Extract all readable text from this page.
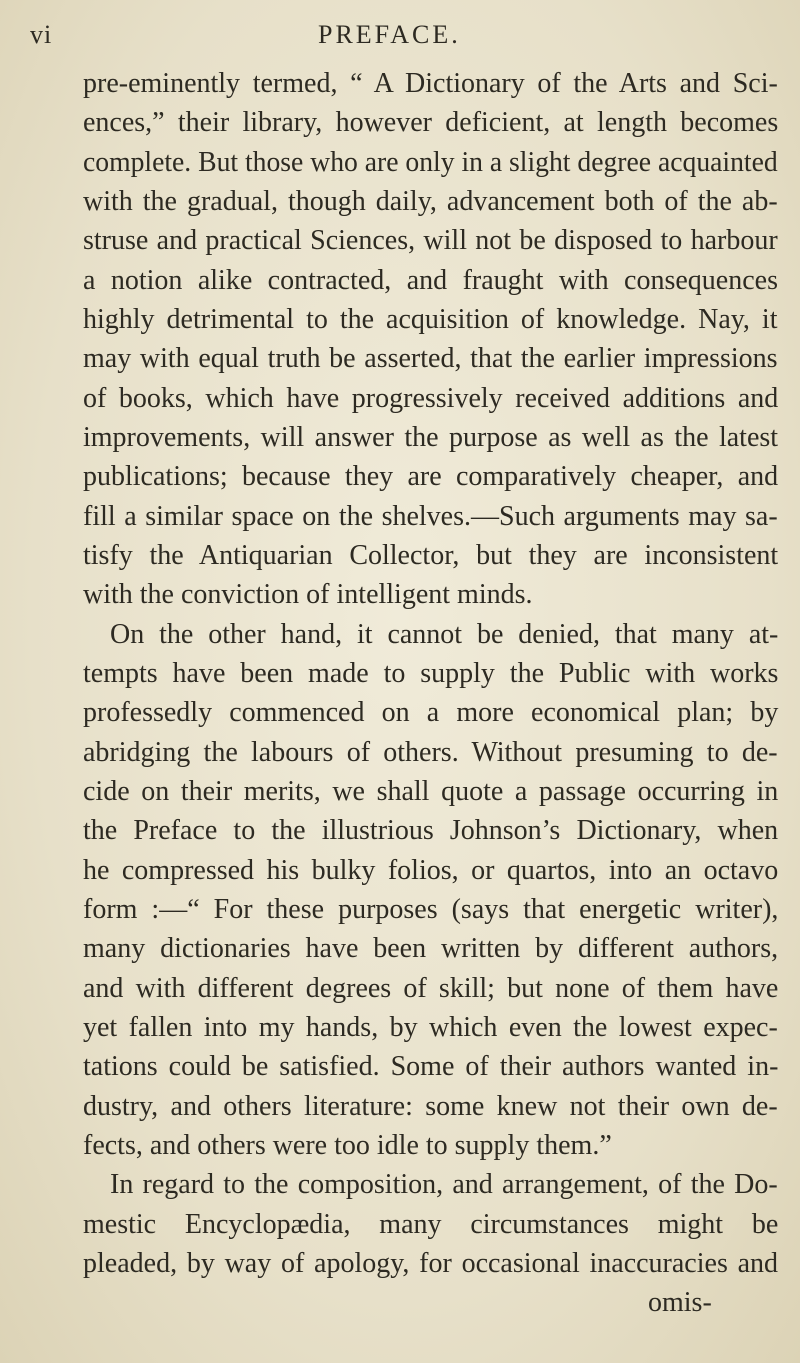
vi	PREFACE.
pre-eminently termed, “ A Dictionary of the Arts and Sci-
ences,” their library, however deficient, at length becomes
complete. But those who are only in a slight degree acquainted
with the gradual, though daily, advancement both of the ab-
struse and practical Sciences, will not be disposed to harbour
a notion alike contracted, and fraught with consequences
highly detrimental to the acquisition of knowledge. Nay, it
may with equal truth be asserted, that the earlier impressions
of books, which have progressively received additions and
improvements, will answer the purpose as well as the latest
publications; because they are comparatively cheaper, and
fill a similar space on the shelves.—Such arguments may sa-
tisfy the Antiquarian Collector, but they are inconsistent
with the conviction of intelligent minds.
On the other hand, it cannot be denied, that many at-
tempts have been made to supply the Public with works
professedly commenced on a more economical plan; by
abridging the labours of others. Without presuming to de-
cide on their merits, we shall quote a passage occurring in
the Preface to the illustrious Johnson’s Dictionary, when
he compressed his bulky folios, or quartos, into an octavo
form :—“ For these purposes (says that energetic writer),
many dictionaries have been written by different authors,
and with different degrees of skill; but none of them have
yet fallen into my hands, by which even the lowest expec-
tations could be satisfied. Some of their authors wanted in-
dustry, and others literature: some knew not their own de-
fects, and others were too idle to supply them.”
In regard to the composition, and arrangement, of the Do-
mestic Encyclopædia, many circumstances might be
pleaded, by way of apology, for occasional inaccuracies and
omis-
